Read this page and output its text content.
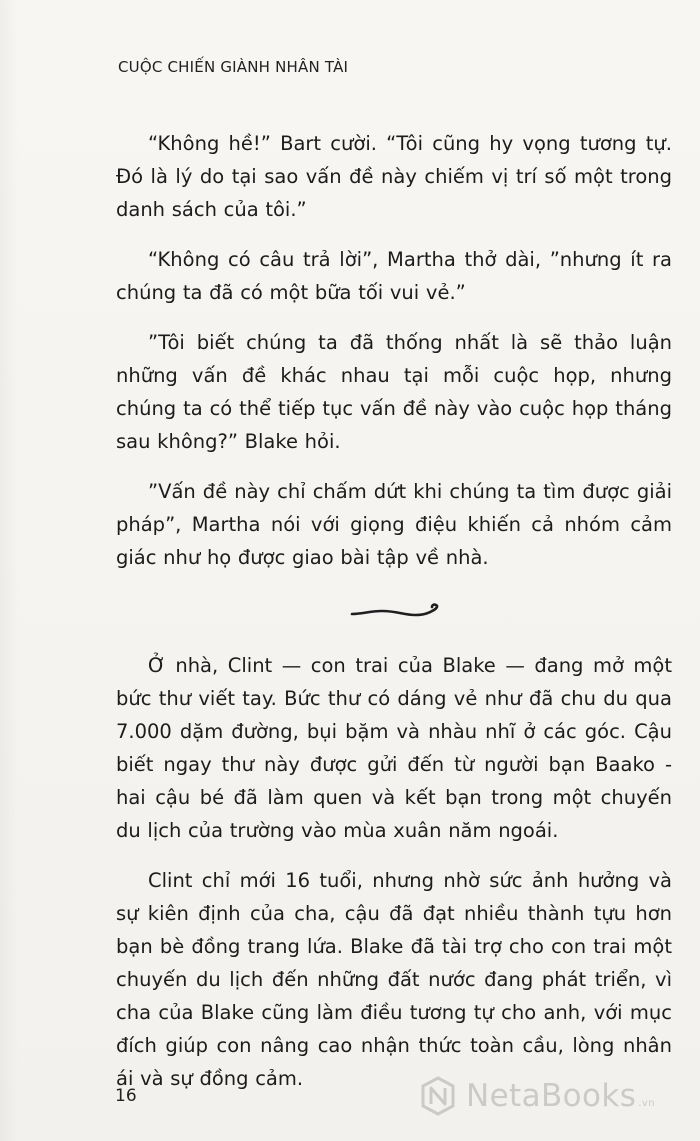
CUỘC CHIẾN GIÀNH NHÂN TÀI

“Không hề!” Bart cười. “Tôi cũng hy vọng tương tự. Đó là lý do tại sao vấn đề này chiếm vị trí số một trong danh sách của tôi.”

“Không có câu trả lời”, Martha thở dài, ”nhưng ít ra chúng ta đã có một bữa tối vui vẻ.”

”Tôi biết chúng ta đã thống nhất là sẽ thảo luận những vấn đề khác nhau tại mỗi cuộc họp, nhưng chúng ta có thể tiếp tục vấn đề này vào cuộc họp tháng sau không?” Blake hỏi.

”Vấn đề này chỉ chấm dứt khi chúng ta tìm được giải pháp”, Martha nói với giọng điệu khiến cả nhóm cảm giác như họ được giao bài tập về nhà.

Ở nhà, Clint — con trai của Blake — đang mở một bức thư viết tay. Bức thư có dáng vẻ như đã chu du qua 7.000 dặm đường, bụi bặm và nhàu nhĩ ở các góc. Cậu biết ngay thư này được gửi đến từ người bạn Baako - hai cậu bé đã làm quen và kết bạn trong một chuyến du lịch của trường vào mùa xuân năm ngoái.

Clint chỉ mới 16 tuổi, nhưng nhờ sức ảnh hưởng và sự kiên định của cha, cậu đã đạt nhiều thành tựu hơn bạn bè đồng trang lứa. Blake đã tài trợ cho con trai một chuyến du lịch đến những đất nước đang phát triển, vì cha của Blake cũng làm điều tương tự cho anh, với mục đích giúp con nâng cao nhận thức toàn cầu, lòng nhân ái và sự đồng cảm.

16	NetaBooks .vn
